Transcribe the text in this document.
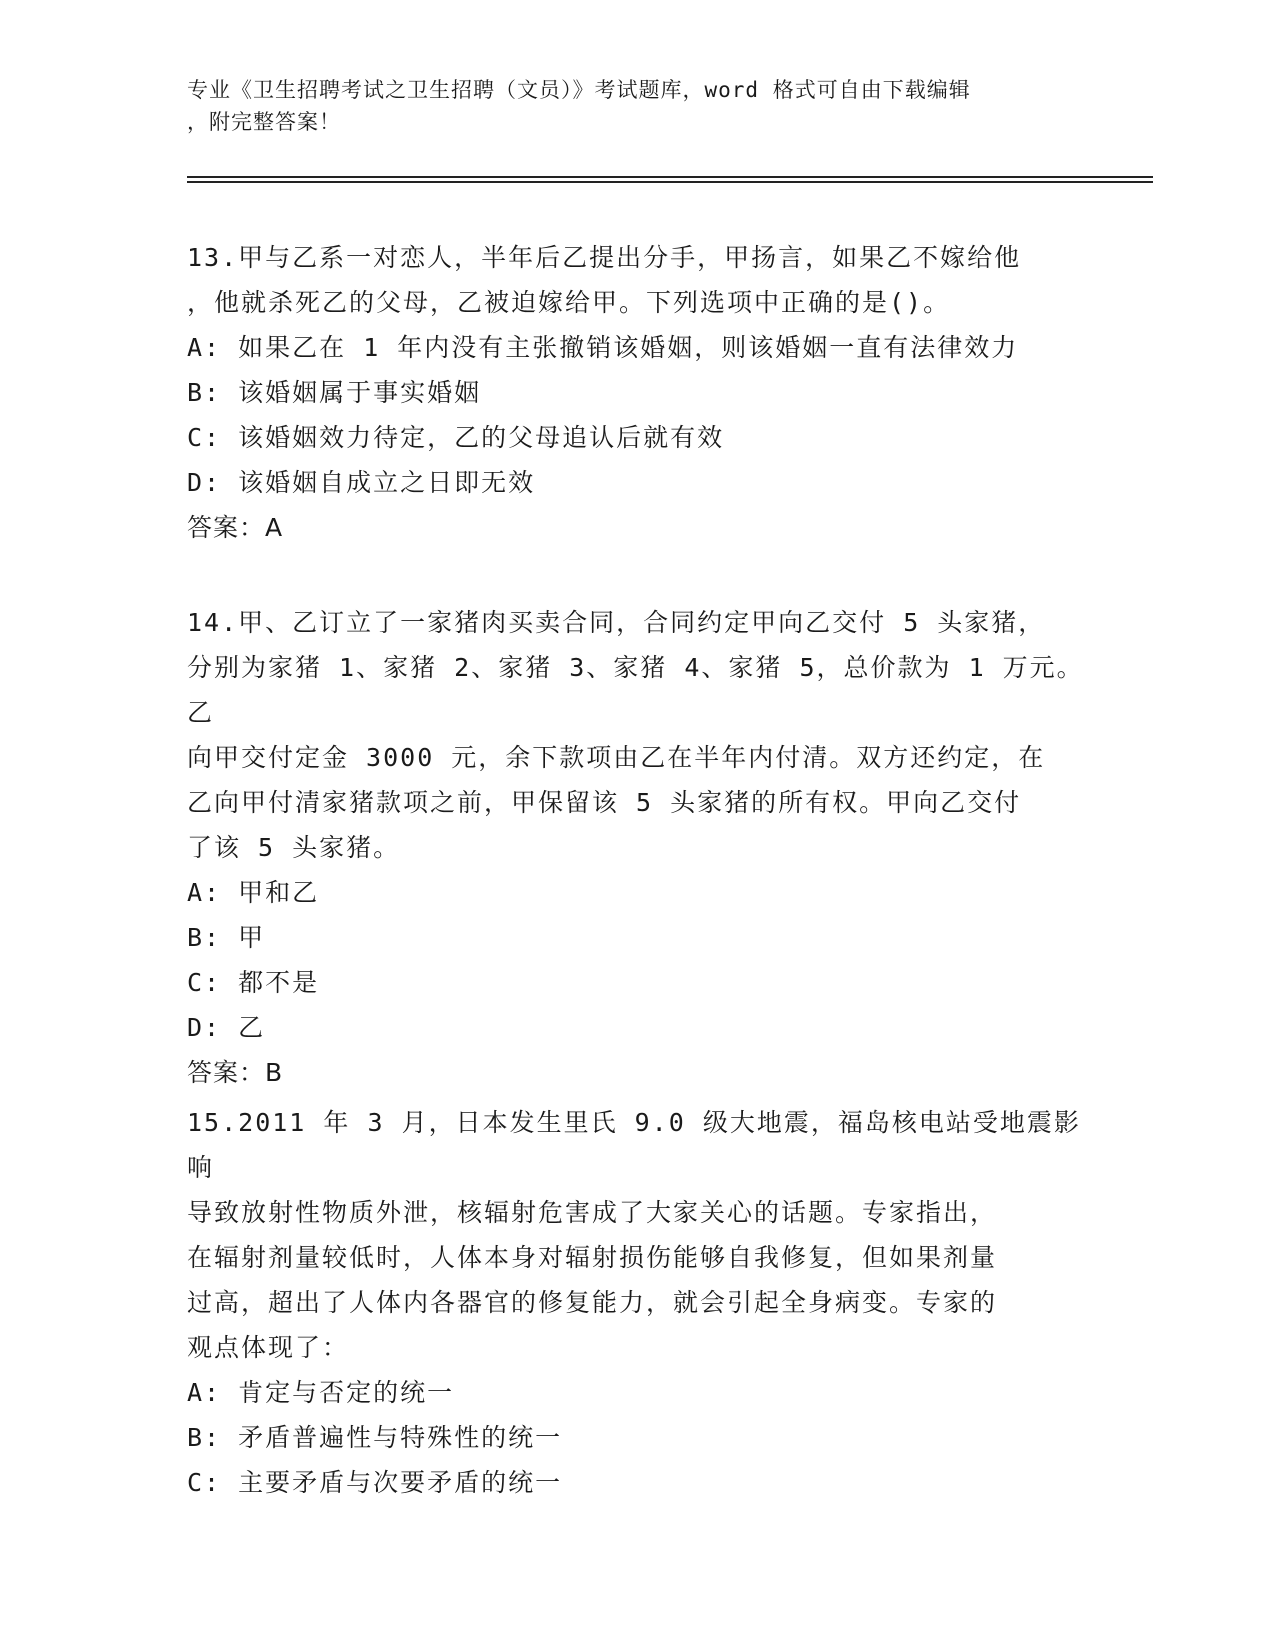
专业《卫生招聘考试之卫生招聘（文员）》考试题库，word 格式可自由下载编辑
，附完整答案！
13.甲与乙系一对恋人，半年后乙提出分手，甲扬言，如果乙不嫁给他
，他就杀死乙的父母，乙被迫嫁给甲。下列选项中正确的是()。
A: 如果乙在 1 年内没有主张撤销该婚姻，则该婚姻一直有法律效力
B: 该婚姻属于事实婚姻
C: 该婚姻效力待定，乙的父母追认后就有效
D: 该婚姻自成立之日即无效
答案：A
14.甲、乙订立了一家猪肉买卖合同，合同约定甲向乙交付 5 头家猪，
分别为家猪 1、家猪 2、家猪 3、家猪 4、家猪 5，总价款为 1 万元。乙
向甲交付定金 3000 元，余下款项由乙在半年内付清。双方还约定，在
乙向甲付清家猪款项之前，甲保留该 5 头家猪的所有权。甲向乙交付
了该 5 头家猪。
A: 甲和乙
B: 甲
C: 都不是
D: 乙
答案：B
15.2011 年 3 月，日本发生里氏 9.0 级大地震，福岛核电站受地震影响
导致放射性物质外泄，核辐射危害成了大家关心的话题。专家指出，
在辐射剂量较低时，人体本身对辐射损伤能够自我修复，但如果剂量
过高，超出了人体内各器官的修复能力，就会引起全身病变。专家的
观点体现了：
A: 肯定与否定的统一
B: 矛盾普遍性与特殊性的统一
C: 主要矛盾与次要矛盾的统一
